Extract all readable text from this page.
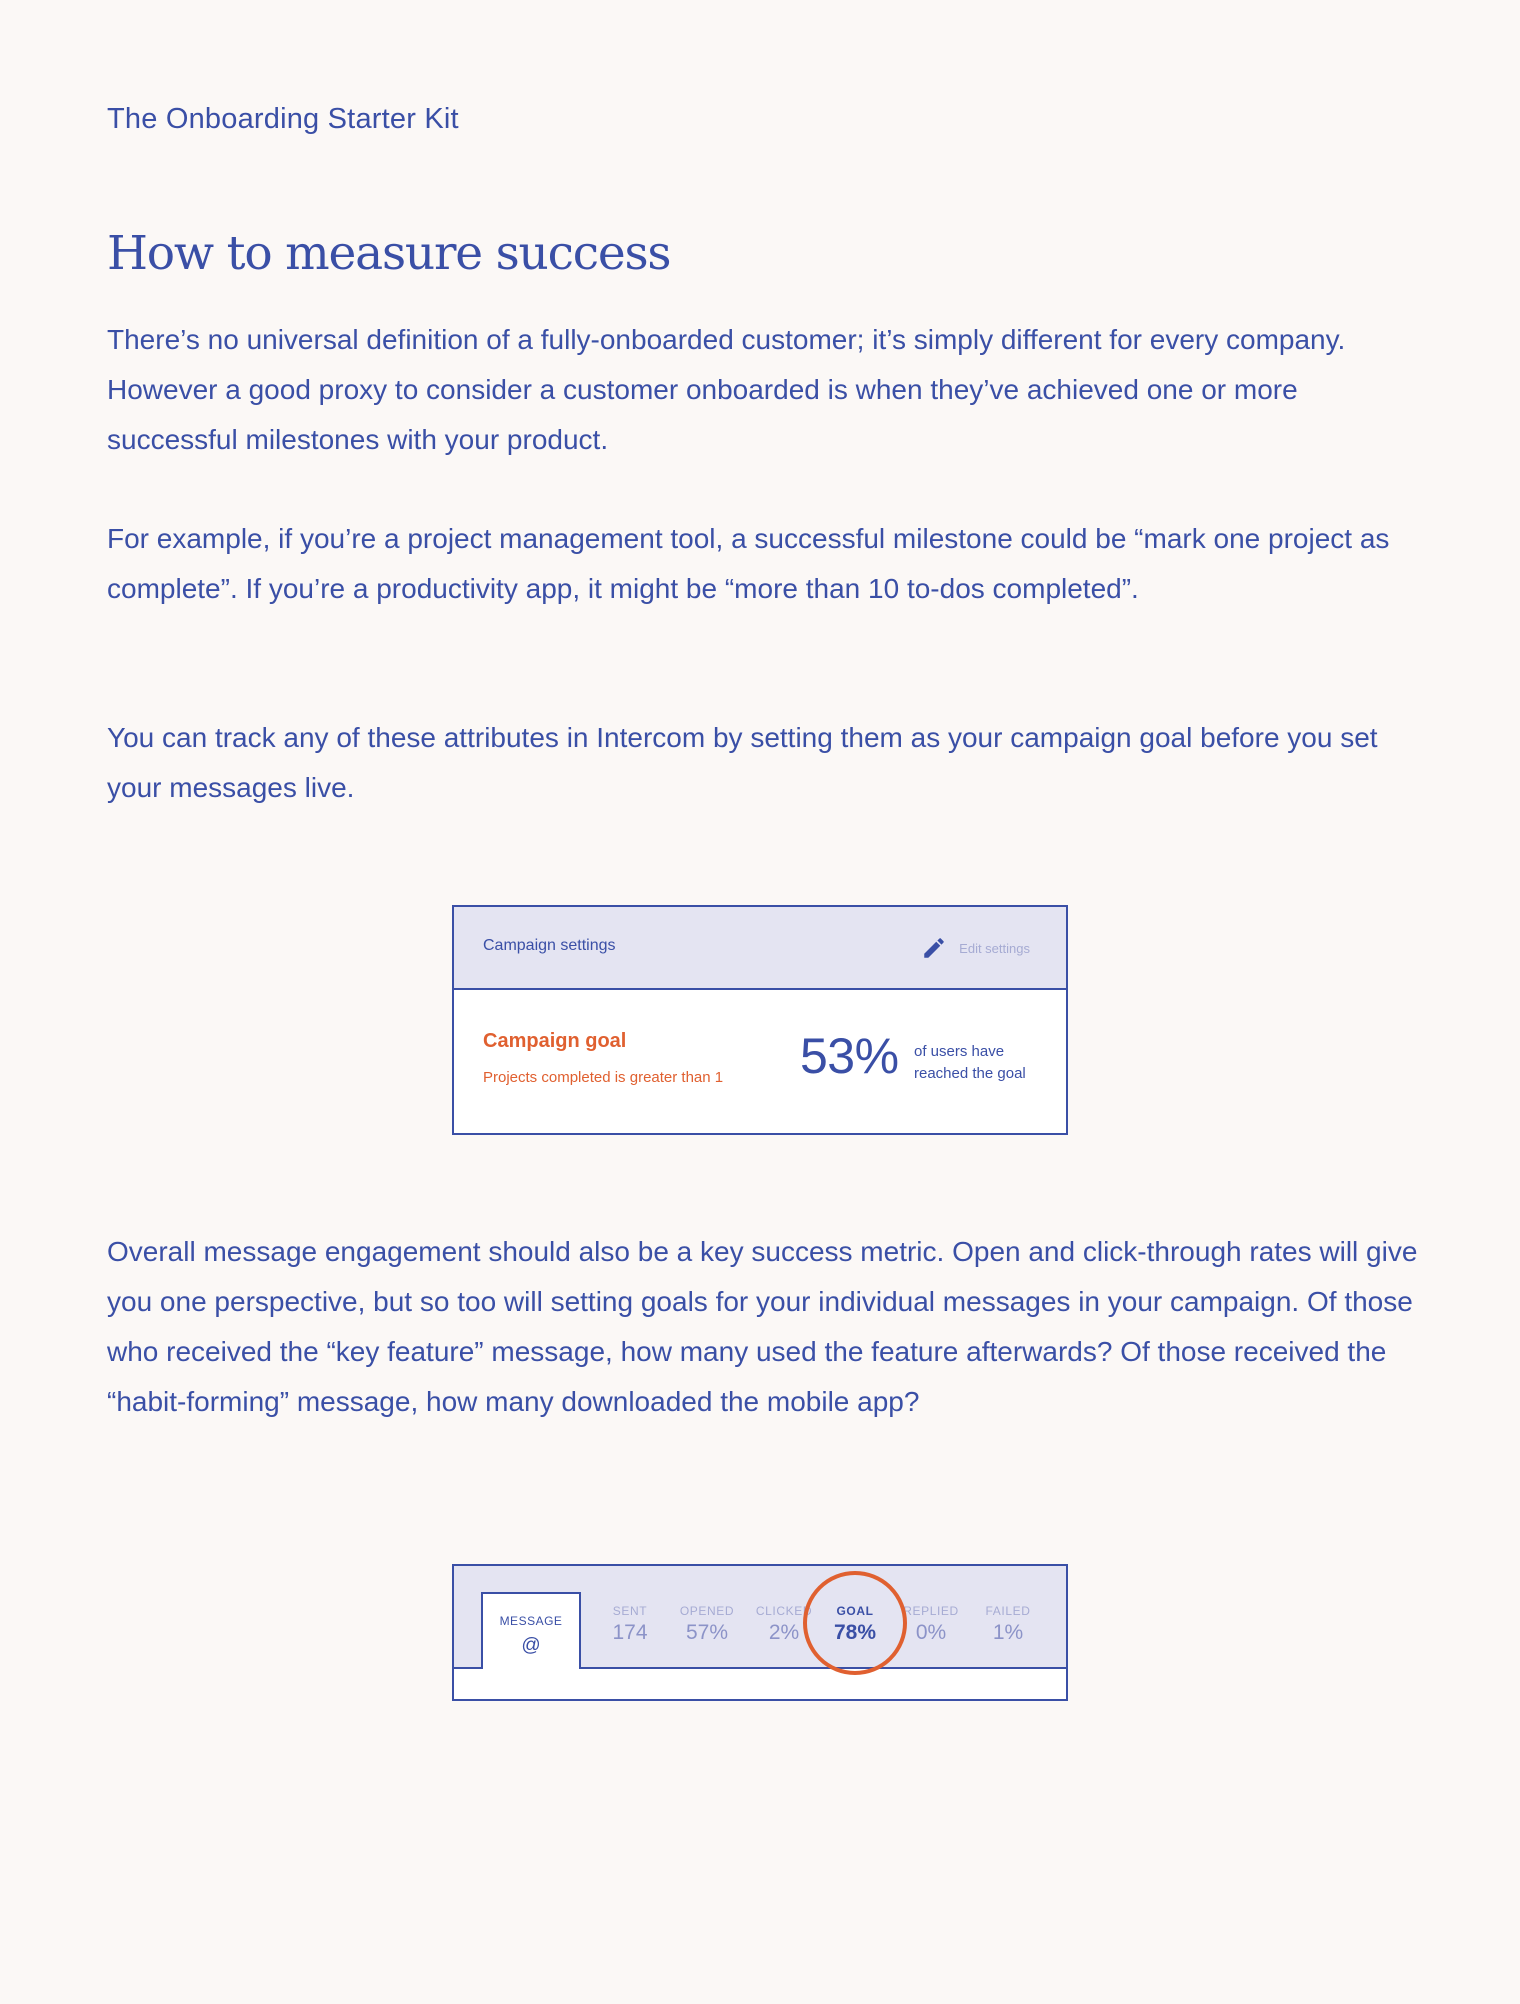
The Onboarding Starter Kit
How to measure success

There’s no universal definition of a fully-onboarded customer; it’s simply different for every company. However a good proxy to consider a customer onboarded is when they’ve achieved one or more successful milestones with your product.

For example, if you’re a project management tool, a successful milestone could be “mark one project as complete”. If you’re a productivity app, it might be “more than 10 to-dos completed”.

You can track any of these attributes in Intercom by setting them as your campaign goal before you set your messages live.

Campaign settings	Edit settings
Campaign goal
Projects completed is greater than 1 53% of users have
reached the goal

Overall message engagement should also be a key success metric. Open and click-through rates will give you one perspective, but so too will setting goals for your individual messages in your campaign. Of those who received the “key feature” message, how many used the feature afterwards? Of those received the “habit-forming” message, how many downloaded the mobile app?

MESSAGE
@
SENT
174
OPENED
57%
CLICKED
2%
GOAL
78%
REPLIED
0%
FAILED
1%
